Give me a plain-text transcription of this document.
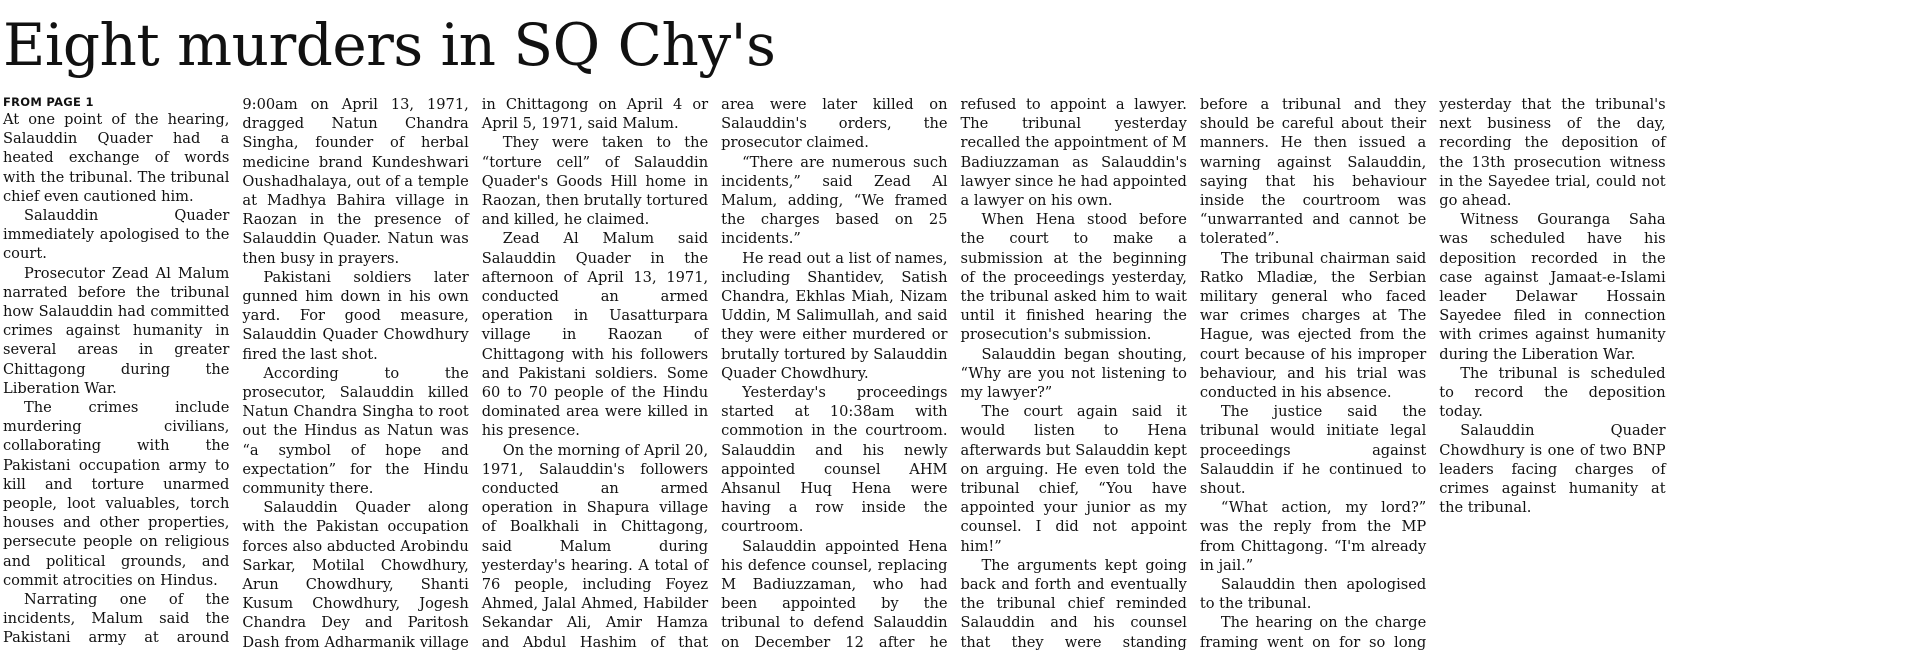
Eight murders in SQ Chy's
FROM PAGE 1

At one point of the hearing, Salauddin Quader had a heated exchange of words with the tribunal. The tribunal chief even cautioned him.

Salauddin Quader immediately apologised to the court.

Prosecutor Zead Al Malum narrated before the tribunal how Salauddin had committed crimes against humanity in several areas in greater Chittagong during the Liberation War.

The crimes include murdering civilians, collaborating with the Pakistani occupation army to kill and torture unarmed people, loot valuables, torch houses and other properties, persecute people on religious and political grounds, and commit atrocities on Hindus.

Narrating one of the incidents, Malum said the Pakistani army at around 9:00am on April 13, 1971, dragged Natun Chandra Singha, founder of herbal medicine brand Kundeshwari Oushadhalaya, out of a temple at Madhya Bahira village in Raozan in the presence of Salauddin Quader. Natun was then busy in prayers.

Pakistani soldiers later gunned him down in his own yard. For good measure, Salauddin Quader Chowdhury fired the last shot.

According to the prosecutor, Salauddin killed Natun Chandra Singha to root out the Hindus as Natun was “a symbol of hope and expectation” for the Hindu community there.

Salauddin Quader along with the Pakistan occupation forces also abducted Arobindu Sarkar, Motilal Chowdhury, Arun Chowdhury, Shanti Kusum Chowdhury, Jogesh Chandra Dey and Paritosh Dash from Adharmanik village in Chittagong on April 4 or April 5, 1971, said Malum.

They were taken to the “torture cell” of Salauddin Quader's Goods Hill home in Raozan, then brutally tortured and killed, he claimed.

Zead Al Malum said Salauddin Quader in the afternoon of April 13, 1971, conducted an armed operation in Uasatturpara village in Raozan of Chittagong with his followers and Pakistani soldiers. Some 60 to 70 people of the Hindu dominated area were killed in his presence.

On the morning of April 20, 1971, Salauddin's followers conducted an armed operation in Shapura village of Boalkhali in Chittagong, said Malum during yesterday's hearing. A total of 76 people, including Foyez Ahmed, Jalal Ahmed, Habilder Sekandar Ali, Amir Hamza and Abdul Hashim of that area were later killed on Salauddin's orders, the prosecutor claimed.

“There are numerous such incidents,” said Zead Al Malum, adding, “We framed the charges based on 25 incidents.”

He read out a list of names, including Shantidev, Satish Chandra, Ekhlas Miah, Nizam Uddin, M Salimullah, and said they were either murdered or brutally tortured by Salauddin Quader Chowdhury.

Yesterday's proceedings started at 10:38am with commotion in the courtroom. Salauddin and his newly appointed counsel AHM Ahsanul Huq Hena were having a row inside the courtroom.

Salauddin appointed Hena his defence counsel, replacing M Badiuzzaman, who had been appointed by the tribunal to defend Salauddin on December 12 after he refused to appoint a lawyer. The tribunal yesterday recalled the appointment of M Badiuzzaman as Salauddin's lawyer since he had appointed a lawyer on his own.

When Hena stood before the court to make a submission at the beginning of the proceedings yesterday, the tribunal asked him to wait until it finished hearing the prosecution's submission.

Salauddin began shouting, “Why are you not listening to my lawyer?”

The court again said it would listen to Hena afterwards but Salauddin kept on arguing. He even told the tribunal chief, “You have appointed your junior as my counsel. I did not appoint him!”

The arguments kept going back and forth and eventually the tribunal chief reminded Salauddin and his counsel that they were standing before a tribunal and they should be careful about their manners. He then issued a warning against Salauddin, saying that his behaviour inside the courtroom was “unwarranted and cannot be tolerated”.

The tribunal chairman said Ratko Mladiæ, the Serbian military general who faced war crimes charges at The Hague, was ejected from the court because of his improper behaviour, and his trial was conducted in his absence.

The justice said the tribunal would initiate legal proceedings against Salauddin if he continued to shout.

“What action, my lord?” was the reply from the MP from Chittagong. “I'm already in jail.”

Salauddin then apologised to the tribunal.

The hearing on the charge framing went on for so long yesterday that the tribunal's next business of the day, recording the deposition of the 13th prosecution witness in the Sayedee trial, could not go ahead.

Witness Gouranga Saha was scheduled have his deposition recorded in the case against Jamaat-e-Islami leader Delawar Hossain Sayedee filed in connection with crimes against humanity during the Liberation War.

The tribunal is scheduled to record the deposition today.

Salauddin Quader Chowdhury is one of two BNP leaders facing charges of crimes against humanity at the tribunal.
